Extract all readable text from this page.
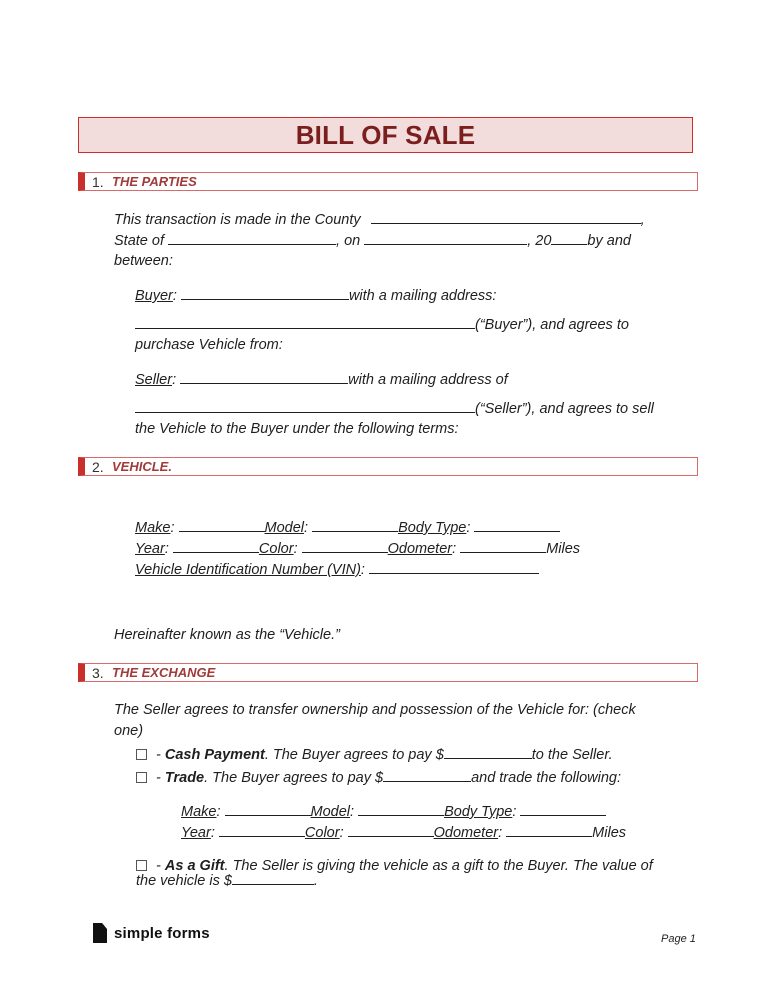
BILL OF SALE
1. THE PARTIES
This transaction is made in the County	,
State of	, on	, 20 by and
between:
Buyer:	with a mailing address:
(“Buyer”), and agrees to
purchase Vehicle from:
Seller:	with a mailing address of
(“Seller”), and agrees to sell
the Vehicle to the Buyer under the following terms:
2. VEHICLE.
Make:	Model:	Body Type:
Year:	Color:	Odometer:	Miles
Vehicle Identification Number (VIN):
Hereinafter known as the “Vehicle.”
3. THE EXCHANGE
The Seller agrees to transfer ownership and possession of the Vehicle for: (check
one)
- Cash Payment. The Buyer agrees to pay $	to the Seller.
- Trade. The Buyer agrees to pay $	and trade the following:
Make:	Model:	Body Type:
Year:	Color:	Odometer:	Miles
- As a Gift. The Seller is giving the vehicle as a gift to the Buyer. The value of
the vehicle is $	.
simple forms	Page 1
